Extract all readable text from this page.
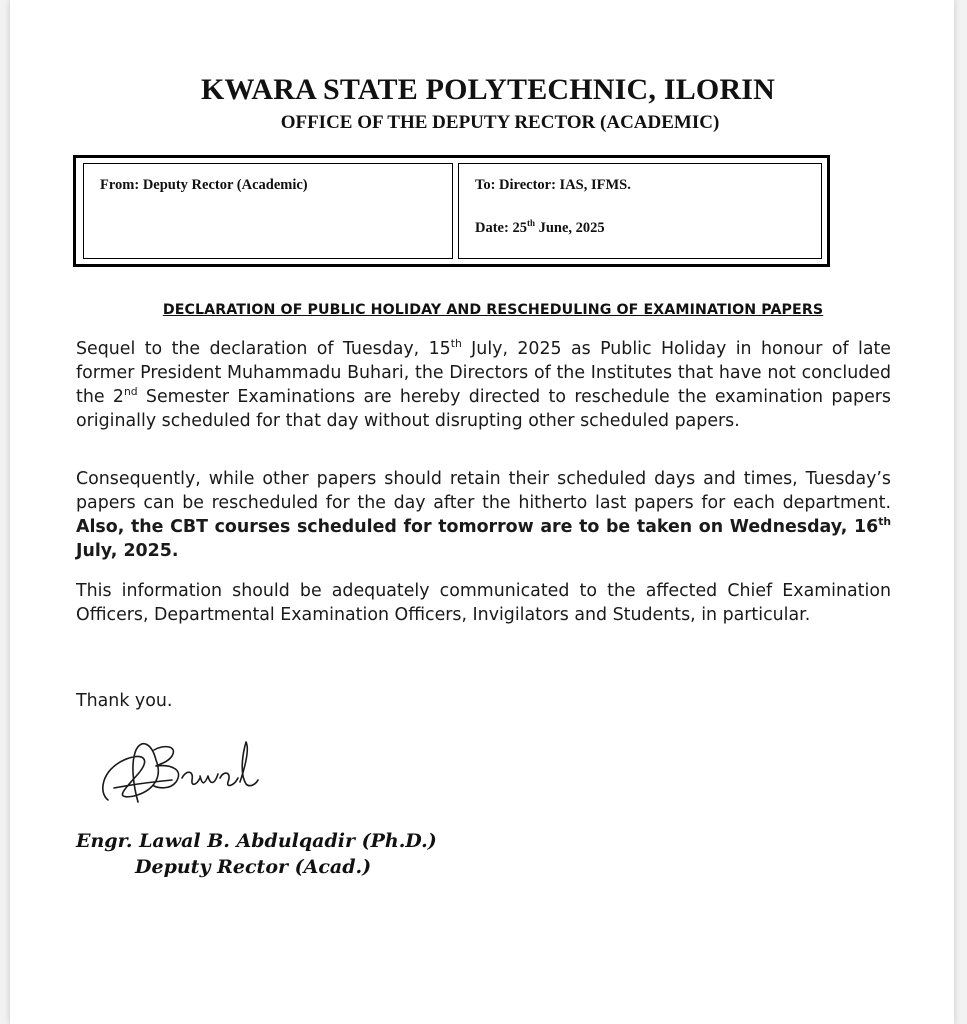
KWARA STATE POLYTECHNIC, ILORIN
OFFICE OF THE DEPUTY RECTOR (ACADEMIC)
From: Deputy Rector (Academic)	To: Director: IAS, IFMS.
Date: 25th June, 2025
DECLARATION OF PUBLIC HOLIDAY AND RESCHEDULING OF EXAMINATION PAPERS
Sequel to the declaration of Tuesday, 15th July, 2025 as Public Holiday in honour of late former President Muhammadu Buhari, the Directors of the Institutes that have not concluded the 2nd Semester Examinations are hereby directed to reschedule the examination papers originally scheduled for that day without disrupting other scheduled papers.
Consequently, while other papers should retain their scheduled days and times, Tuesday’s papers can be rescheduled for the day after the hitherto last papers for each department. Also, the CBT courses scheduled for tomorrow are to be taken on Wednesday, 16th July, 2025.
This information should be adequately communicated to the affected Chief Examination Officers, Departmental Examination Officers, Invigilators and Students, in particular.
Thank you.
Engr. Lawal B. Abdulqadir (Ph.D.)
Deputy Rector (Acad.)
